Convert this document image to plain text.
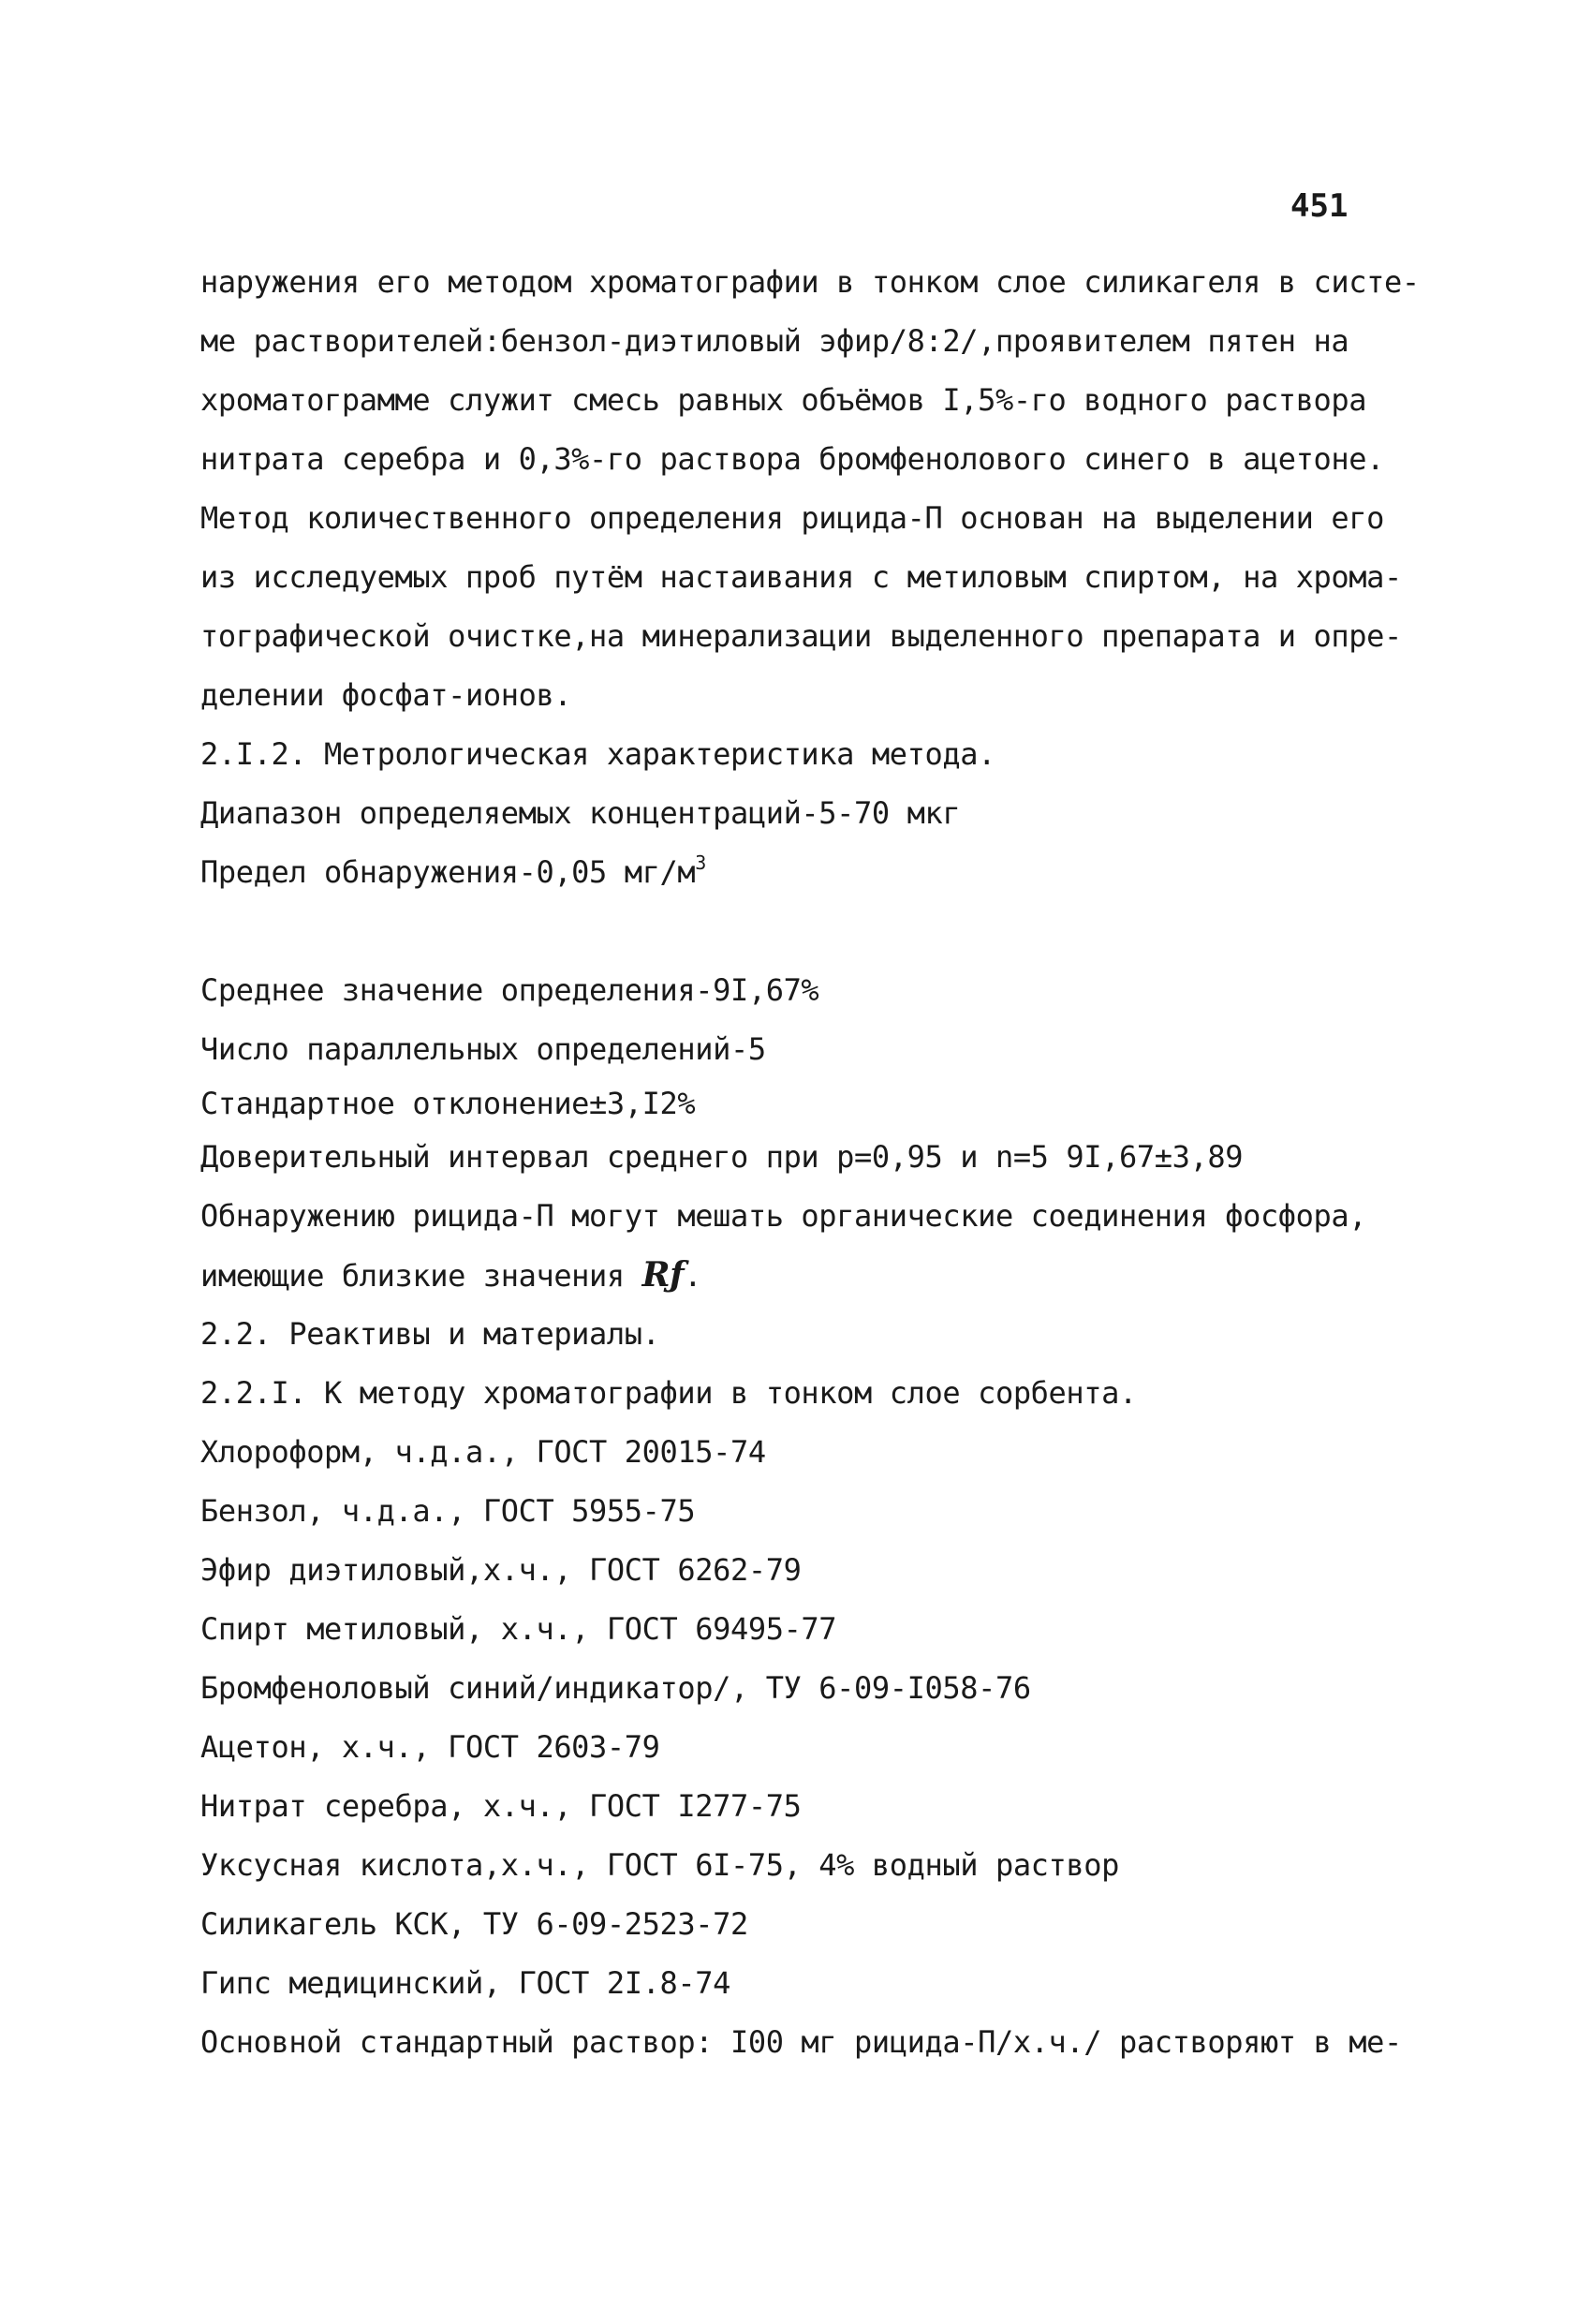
451
наружения его методом хроматографии в тонком слое силикагеля в систе-
ме растворителей:бензол-диэтиловый эфир/8:2/,проявителем пятен на
хроматограмме служит смесь равных объёмов I,5%-го водного раствора
нитрата серебра и 0,3%-го раствора бромфенолового синего в ацетоне.
Метод количественного определения рицида-П основан на выделении его
из исследуемых проб путём настаивания с метиловым спиртом, на хрома-
тографической очистке,на минерализации выделенного препарата и опре-
делении фосфат-ионов.
2.I.2. Метрологическая характеристика метода.
Диапазон определяемых концентраций-5-70 мкг
Предел обнаружения-0,05 $мг/м^3$
Среднее значение определения-9I,67%
Число параллельных определений-5
Стандартное отклонение±3,I2%
Доверительный интервал среднего при р=0,95 и n=5 9I,67±3,89
Обнаружению рицида-П могут мешать органические соединения фосфора,
имеющие близкие значения Rƒ.
2.2. Реактивы и материалы.
2.2.I. К методу хроматографии в тонком слое сорбента.
Хлороформ, ч.д.а., ГОСТ 20015-74
Бензол, ч.д.а., ГОСТ 5955-75
Эфир диэтиловый,х.ч., ГОСТ 6262-79
Спирт метиловый, х.ч., ГОСТ 69495-77
Бромфеноловый синий/индикатор/, ТУ 6-09-I058-76
Ацетон, х.ч., ГОСТ 2603-79
Нитрат серебра, х.ч., ГОСТ I277-75
Уксусная кислота,х.ч., ГОСТ 6I-75, 4% водный раствор
Силикагель КСК, ТУ 6-09-2523-72
Гипс медицинский, ГОСТ 2I.8-74
Основной стандартный раствор: I00 мг рицида-П/х.ч./ растворяют в ме-
